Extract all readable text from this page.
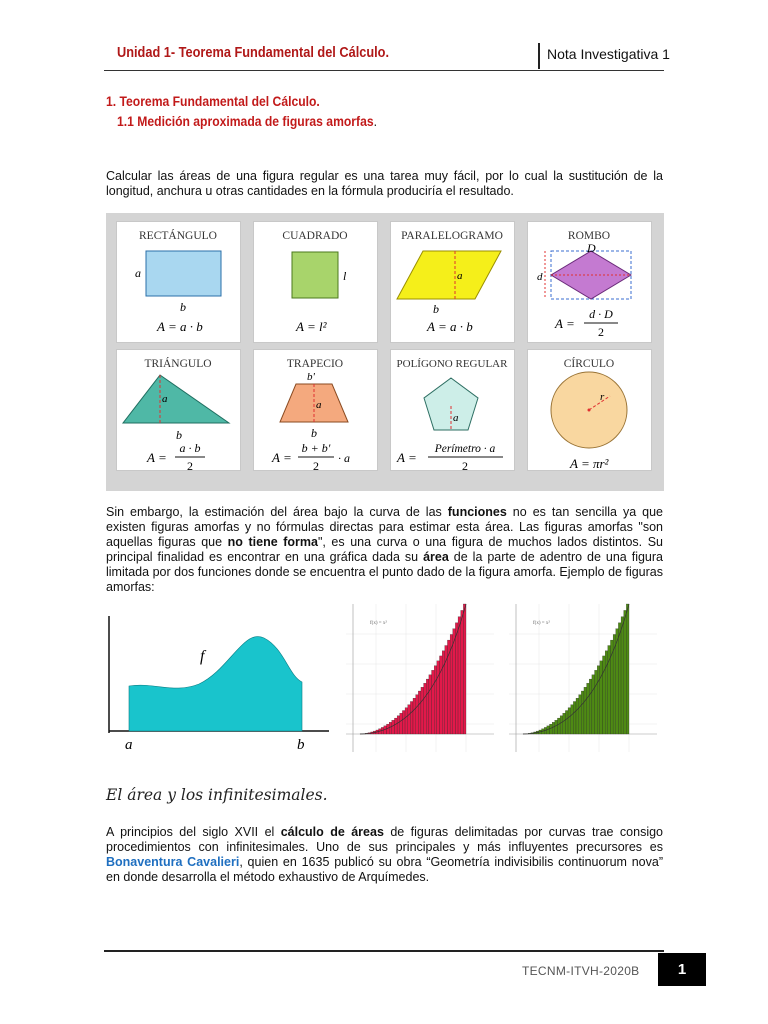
Unidad 1- Teorema Fundamental del Cálculo.	Nota Investigativa 1
1. Teorema Fundamental del Cálculo.
1.1 Medición aproximada de figuras amorfas.
Calcular las áreas de una figura regular es una tarea muy fácil, por lo cual la sustitución de la longitud, anchura u otras cantidades en la fórmula produciría el resultado.
RECTÁNGULO
a
b
A = a · b
CUADRADO
l
A = l²
PARALELOGRAMO
a
b
A = a · b
ROMBO
D
d
A =
d · D
2
TRIÁNGULO
a
b
A =
a · b
2
TRAPECIO
b'
a
b
A =
b + b'
2
· a
POLÍGONO REGULAR
a
A =
Perímetro · a
2
CÍRCULO
r
A = πr²
Sin embargo, la estimación del área bajo la curva de las funciones no es tan sencilla ya que existen figuras amorfas y no fórmulas directas para estimar esta área. Las figuras amorfas "son aquellas figuras que no tiene forma", es una curva o una figura de muchos lados distintos. Su principal finalidad es encontrar en una gráfica dada su área de la parte de adentro de una figura limitada por dos funciones donde se encuentra el punto dado de la figura amorfa. Ejemplo de figuras amorfas:
f
a	b
f(x) = x²	f(x) = x²
El área y los infinitesimales.
A principios del siglo XVII el cálculo de áreas de figuras delimitadas por curvas trae consigo procedimientos con infinitesimales. Uno de sus principales y más influyentes precursores es Bonaventura Cavalieri, quien en 1635 publicó su obra “Geometría indivisibilis continuorum nova” en donde desarrolla el método exhaustivo de Arquímedes.
TECNM-ITVH-2020B	1
